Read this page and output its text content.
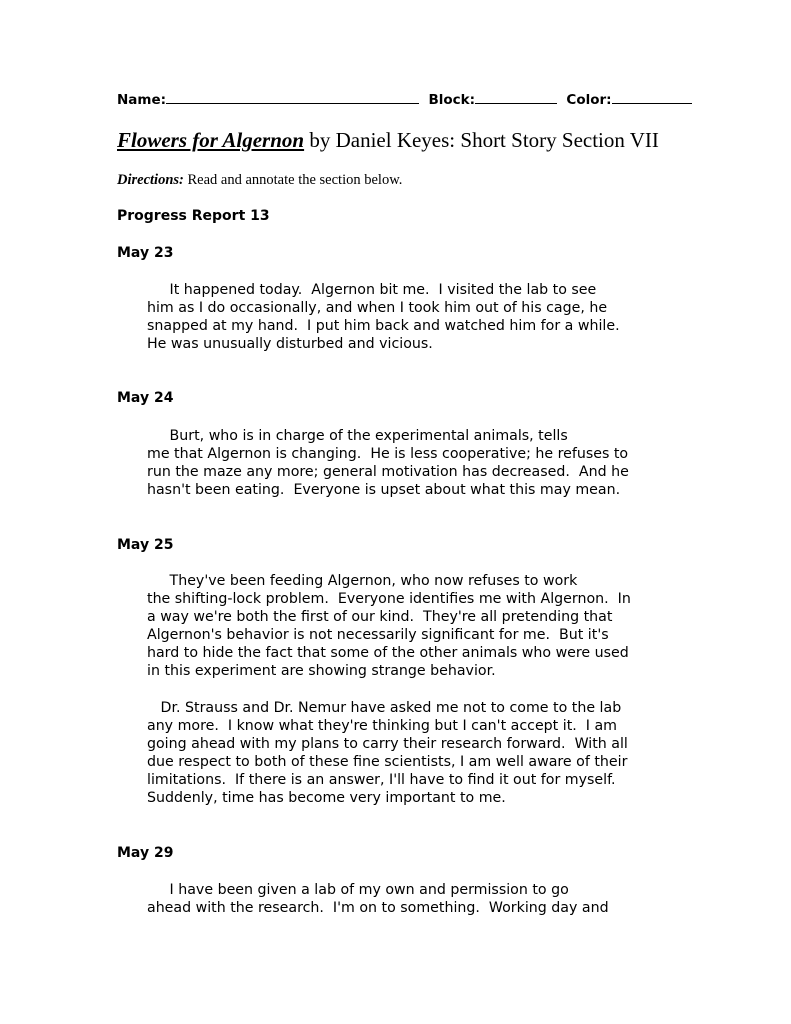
Name:	Block:	Color:
Flowers for Algernon by Daniel Keyes: Short Story Section VII
Directions: Read and annotate the section below.
Progress Report 13
May 23
It happened today.  Algernon bit me.  I visited the lab to see
him as I do occasionally, and when I took him out of his cage, he
snapped at my hand.  I put him back and watched him for a while.
He was unusually disturbed and vicious.
May 24
Burt, who is in charge of the experimental animals, tells
me that Algernon is changing.  He is less cooperative; he refuses to
run the maze any more; general motivation has decreased.  And he
hasn't been eating.  Everyone is upset about what this may mean.
May 25
They've been feeding Algernon, who now refuses to work
the shifting-lock problem.  Everyone identifies me with Algernon.  In
a way we're both the first of our kind.  They're all pretending that
Algernon's behavior is not necessarily significant for me.  But it's
hard to hide the fact that some of the other animals who were used
in this experiment are showing strange behavior.
Dr. Strauss and Dr. Nemur have asked me not to come to the lab
any more.  I know what they're thinking but I can't accept it.  I am
going ahead with my plans to carry their research forward.  With all
due respect to both of these fine scientists, I am well aware of their
limitations.  If there is an answer, I'll have to find it out for myself.
Suddenly, time has become very important to me.
May 29
I have been given a lab of my own and permission to go
ahead with the research.  I'm on to something.  Working day and
